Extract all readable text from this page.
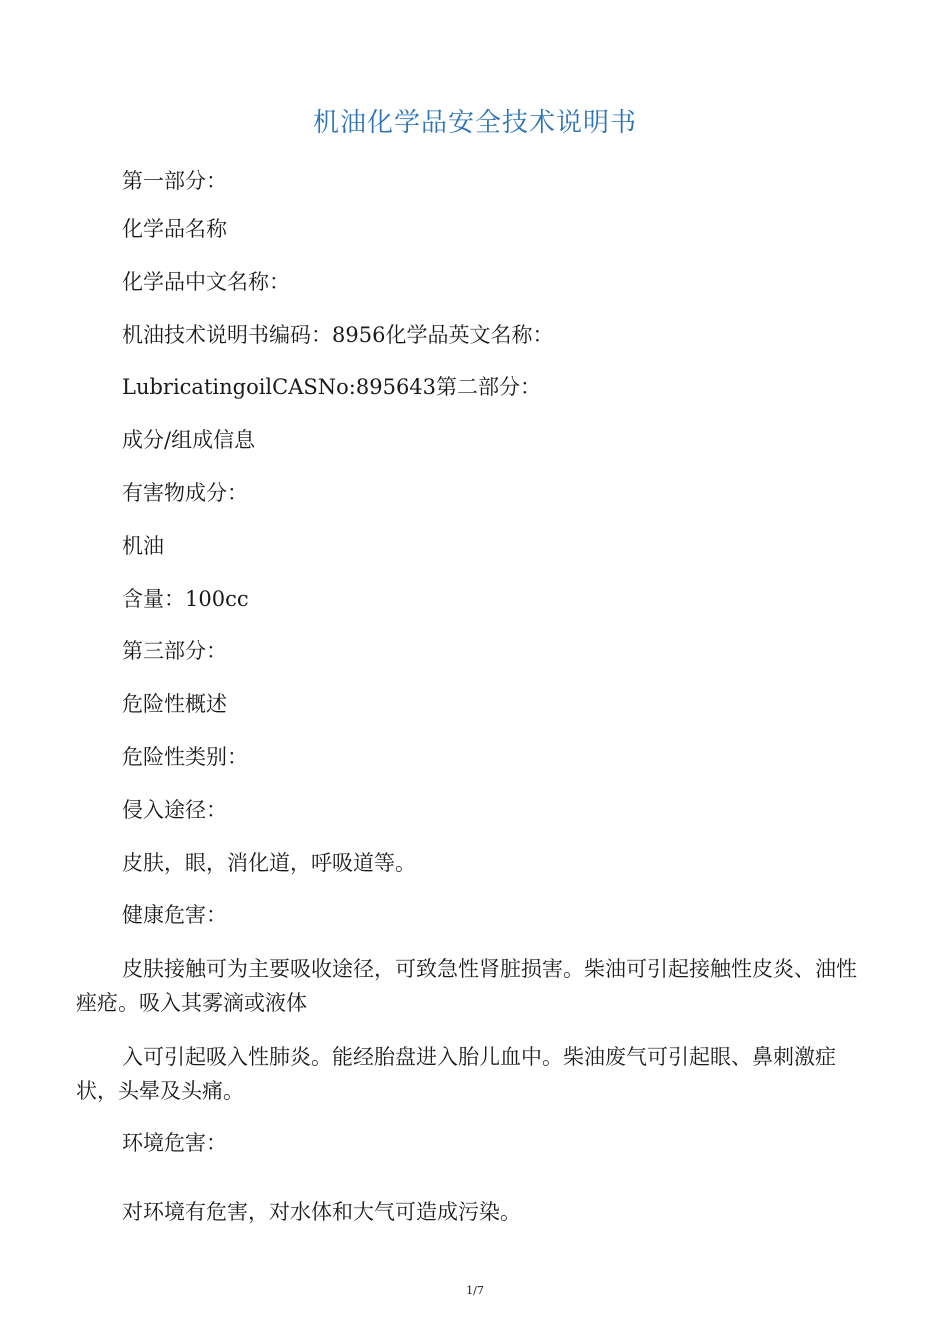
机油化学品安全技术说明书
第一部分：
化学品名称
化学品中文名称：
机油技术说明书编码：8956化学品英文名称：
LubricatingoilCASNo:895643第二部分：
成分/组成信息
有害物成分：
机油
含量：100cc
第三部分：
危险性概述
危险性类别：
侵入途径：
皮肤，眼，消化道，呼吸道等。
健康危害：
皮肤接触可为主要吸收途径，可致急性肾脏损害。柴油可引起接触性皮炎、油性痤疮。吸入其雾滴或液体
入可引起吸入性肺炎。能经胎盘进入胎儿血中。柴油废气可引起眼、鼻刺激症状，头晕及头痛。
环境危害：
对环境有危害，对水体和大气可造成污染。
1/7
